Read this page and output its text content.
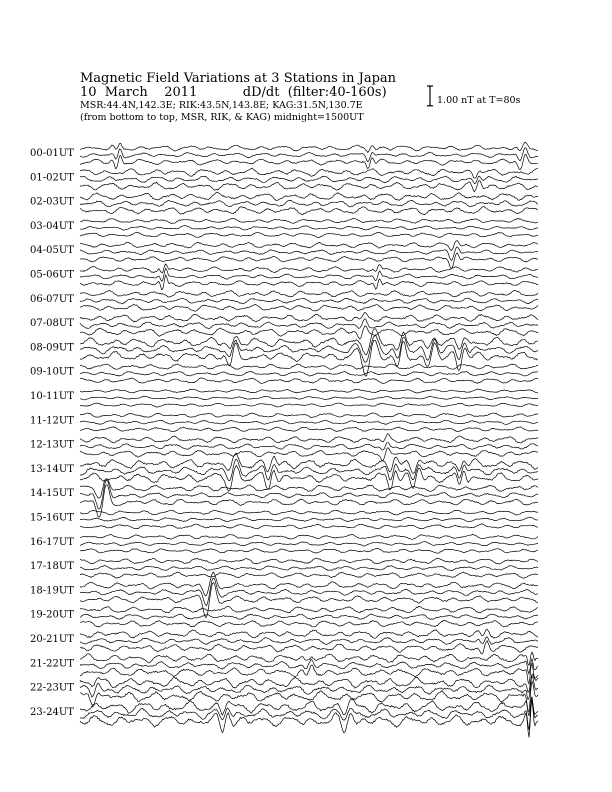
Magnetic Field Variations at 3 Stations in Japan
10  March    2011           dD/dt  (filter:40-160s)
MSR:44.4N,142.3E; RIK:43.5N,143.8E; KAG:31.5N,130.7E
(from bottom to top, MSR, RIK, & KAG) midnight=1500UT
1.00 nT at T=80s
00-01UT
01-02UT
02-03UT
03-04UT
04-05UT
05-06UT
06-07UT
07-08UT
08-09UT
09-10UT
10-11UT
11-12UT
12-13UT
13-14UT
14-15UT
15-16UT
16-17UT
17-18UT
18-19UT
19-20UT
20-21UT
21-22UT
22-23UT
23-24UT
